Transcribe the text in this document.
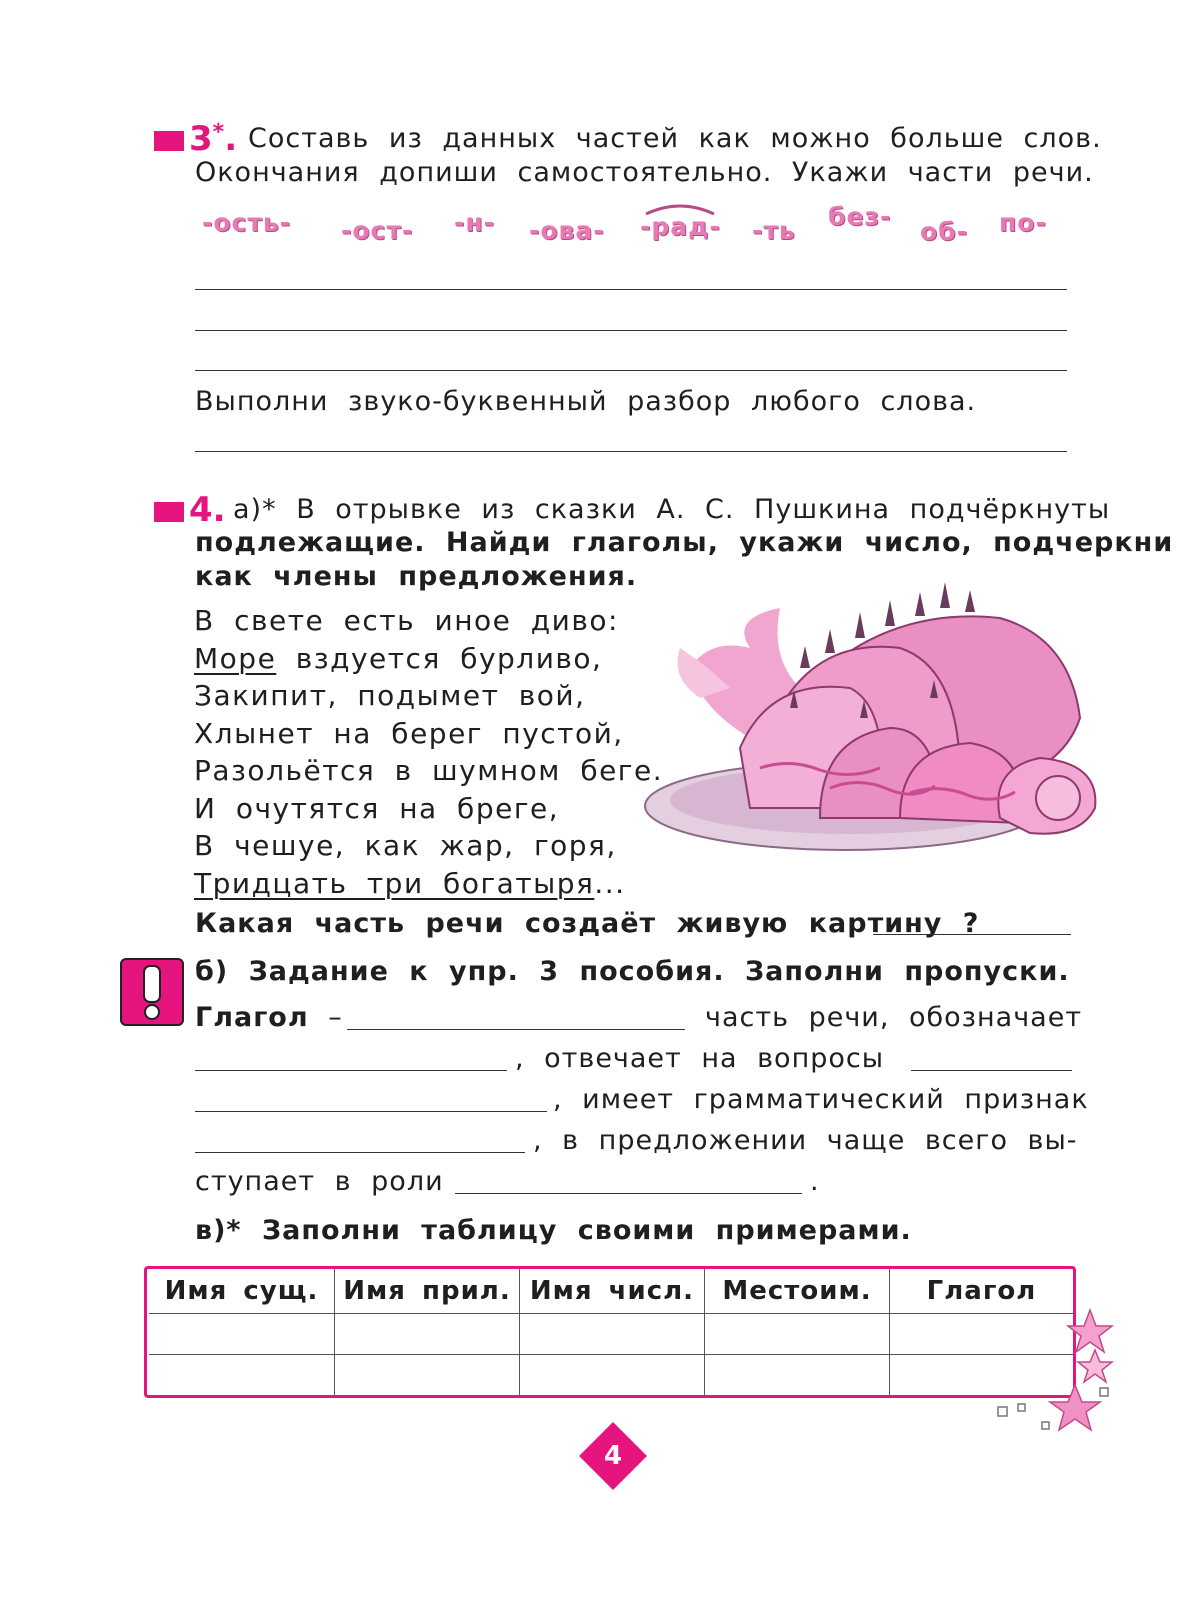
3*. Составь из данных частей как можно больше слов.
Окончания допиши самостоятельно. Укажи части речи.
-ость- -ост- -н- -ова- -рад- -ть без-
об- по-
Выполни звуко-буквенный разбор любого слова.
4. а)* В отрывке из сказки А. С. Пушкина подчёркнуты
подлежащие. Найди глаголы, укажи число, подчеркни
как члены предложения.
В свете есть иное диво:
Море вздуется бурливо,
Закипит, подымет вой,
Хлынет на берег пустой,
Разольётся в шумном беге.
И очутятся на бреге,
В чешуе, как жар, горя,
Тридцать три богатыря...
Какая часть речи создаёт живую картину ?
б) Задание к упр. 3 пособия. Заполни пропуски.
Глагол –	часть речи, обозначает
, отвечает на вопросы
, имеет грамматический признак
, в предложении чаще всего вы-
ступает в роли	.
в)* Заполни таблицу своими примерами.
Имя сущ.	Имя прил.	Имя числ.	Местоим.	Глагол

4
